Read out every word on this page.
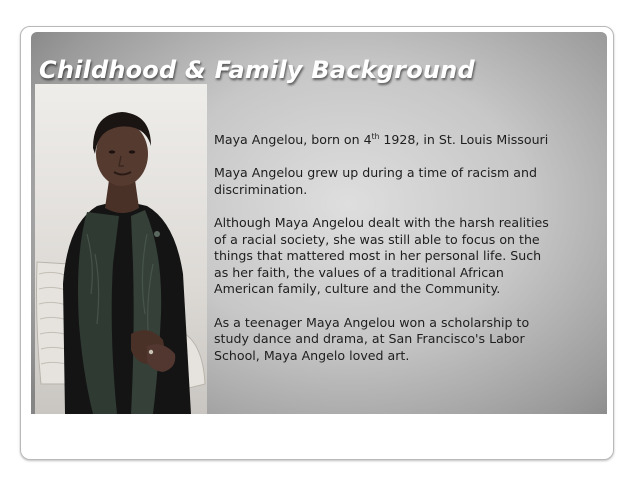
Childhood & Family Background

Maya Angelou, born on 4th 1928, in St. Louis Missouri

Maya Angelou grew up during a time of racism and discrimination.

Although Maya Angelou dealt with the harsh realities of a racial society, she was still able to focus on the things that mattered most in her personal life. Such as her faith, the values of a traditional African American family, culture and the Community.

As a teenager Maya Angelou won a scholarship to study dance and drama, at San Francisco's Labor School, Maya Angelo loved art.
